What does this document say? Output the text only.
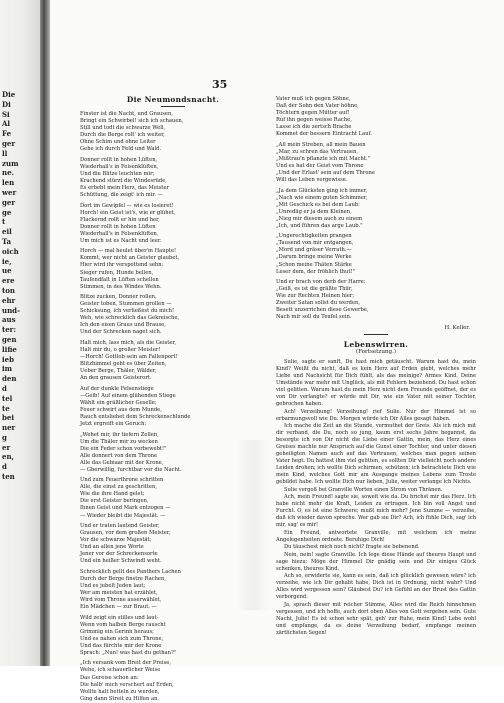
Die
Di
Si
Al
Fe
ger
ll
zum
ne.
len
wer
ger
ge
t
eil
Ta
oich
ie,
ue
ere
ton
ehr
und-
aus
ter:
gen
lifie
ieb
im
den
d
tel
te
bei
ner
g
er
en,
d
ten
35
Die Neumondsnacht.
Finster ist die Nacht, und Grausen,
Bringt ein Schwirbel! sich ich schauen,
Still und todt die schwarze Well,
Durch die Berge rolt' ich weiter,
Ohne Schim und ohne Leiter
Gehe ich durch Feld und Wald.
Donner rollt in hohen Lüften,
Wiederhall's in Felsenklüften,
Und die Blitze leuchten mir;
Krachend stürzt die Windesrüde,
Es erbebt mein Herz, das Meister
Schüttung, die zeigt' ich mir. —
Dort im Gewipfel — wie es losieret!
Horch! ein Geist ist's, wie er glühet,
Flackernd rollt er hin und her,
Donner rollt in hohen Lüften
Wiederhall's in Felsenklüften,
Um mich ist es Nacht und leer.
Horch — mal heulet über'm Haupte!
Kommt, wer nicht an Geister glaubet,
Hier wird ihr verspottend sehn:
Sieger rufen, Hunde bellen,
Taufendfalt in Lüften schellen
Stimmen, in des Windes Wehn.
Blitze zucken, Donner rollen,
Geister toben, Stummen grollen —
Schicksung, ich verließest du mich!
Weh, wie schrecklich das Gekreische,
Ich den eisen Graus und Brause,
Und der Schrecken naget sich.
Halt mich, lass mich, als die Geister,
Halt mir du, o großer Meister!
—Horch! Gottlob sein am Fallenport!
Blitzhimmel geht es über Zeiten,
Ueber Berge, Thäler, Wälder,
An den grausen Geisterort.
Auf der dunkle Felsenstiege
—Gelb! Auf einem glühenden Stiege
Wählt ein gräßlicher Geselle;
Feuer schwirt aus dem Munde,
Rauch entsliehet dem Schreckenschlunde
Jetzt ergreift ein Geruch:
„Wehet mir, ihr tiefern Zellen,
Um die Thäler mir zu wecken
Die ein Feder schon vorbewebt!"
Alle donnert von dem Throne
Alle das Gebiaar mit der Krone,
— Gberwillig, furchtbar vor die Nacht.
Und zum Feuerthrone schritten
Alle, die einst zu geschritten,
Wie die ihre Hand gelet;
Die erst Geister beringen,
Ihnen Geist und Mark entzogen —
— Wieder bleibt die Majestät. —
Und er traten lautend Geister,
Grausen, vor dem großen Meister,
Vor die schwarze Majestät;
Und an allen jene Worte
Jener vor der Schreckensorte
Und ein heißer Schwindl weht.
Schrecklich gellt des Panthers Lachen
Durch der Berge finstre Rachen,
Und es jubelt Jeden laut;
Wer am meisten hat erzählet,
Wird vom Throne auserwählet,
Ein Mädchen — zur Braut. —
Wild zeigt ein stilles und laut-
Wenn vom halben Berge rauscht
Grimmig ein Gerinn heraus;
Und es nahen sich zum Throne,
Und das fürchte mir der Krone
Sprach: „Nun! was hast du gethan?"
„Ich versank vom Breit der Preise,
Wehe, ich schauerlicher Weise
Das Gereise schon an:
Die halb' mich verschert auf Erden,
Wollte halt betteln zu werden,
Ging dann Streit zu Hilfen an.
Vater muß ich gegen Söhne,
Daß der Sohn den Vater höhne,
Töchtern gegen Mütter auf!
Ruf ihn gegen weisse Rache,
Lasse ich die zertsch Brache
Kommet der bessern Eintracht Lauf.
„All mein Streben, all mein Bauen
„Mar, zu schren das Vertrauen,
„Mißtrau'n pflanzte ich mit Macht."
Und es hat der Geist vom Throne
„Und der Erlast' sein auf dem Throne
Will das Leben vergewisse.
„Ja dem Glücksten ging ich immer,
„Nach wie einem guten Schimmer,
„Mit Geschick es bei dem Laub:
„Unredlig er ja dem Kleinen,
„Nieg mir diesem auch zu einem
„Ich, und führen das arge Laub."
„Ungerechtigkeiten prangen
„Tausend von mir entgangen,
„Mord und gräser Verrath.—
„Darum bringe meine Werke
„Schon meine Thäten Stärke
Leser dem, der fröhlich thut!"
Und er brach von derb der Harre:
„Geiß, es ist die gräßte Thür,
Wie zur Rechten Heinen hier;
Zweiter Satan sollst du werden,
Besett unzerrichen diese Gewerbe,
Nach mir soll du Teufel sein.
H. Keller.
Lebenswirren.
(Fortsetzung.)

Sulie, sagte er sanft, Du hast mich getäuscht. Warum hast du, mein Kind? Weißt du nicht, daß es kein Herz auf Erden giebt, welches mehr Liebe und Nachsicht für Dich fühlt, als das meinige? Armes Kind, Deine Umstände war mehr mit Unglück, als mit Fehlern beziehend. Du hast schon viel gelitten. Warum hast du mein Herz nicht dem Freunde geöffnet, der es von Dir verlangte? er würde mit Dir, wie ein Vater mit seiner Tochter, gebrochen haben.

Ach! Verzeihung! Verzeihung! rief Sulie. Nur der Himmel ist so erbarmungsvoll wie Du. Morgen würde ich Dir Alles gesagt haben.

Ich mache die Zeit an die Stunde, vermuthet der Greis. Als ich mich mit dir verband, die Du, noch so jung, kaum erst sechs Jahre begannst, da besorgte ich von Dir nicht die Liebe einer Gattin, mein, das Herz eines Greises machte nur Anspruch auf die Gunst einer Tochter, und unter diesen geheiligten Namen auch auf das Vertrauen, welches man gegen seinen Vater hegt. Du hattest ihm viel gelitten, es sollten Dir vielleicht noch andere Leiden drohen; ich wollte Dich schirmen, schützen; ich betrachtete Dich wie mein Kind, welches Gott mir am Ausgange meines Lebens zum Troste gebildet habe. Ich wollte Dich nur lieben, Julie, weiter verlange ich Nichts.

Sulie vergoß bei Granville Worten einen Strom von Thränen.

Ach, mein Freund! sagte sie, soweit wie da. Du brichst mir das Herz. Ich habe nicht mehr die Kraft, Leiden zu ertragen. Ich bin voll Angst und Furcht. O, es ist eine Schwere; mußt mich mehr? Jene Summe — verzeihe, daß ich wieder davon spreche. Wer gab sie Dir? Ach, ich fühle Dich, sag' ich mir, sag' es mir!

Ein Freund, antwortete Granville, mit welchem ich meine Angelegenheiten ordnete. Beruhige Dich!

Du täuschest mich noch nicht? fragte sie bebenend.

Nein, nein! sagte Granville. Ich lege diese Hände auf theures Haupt und sage hiezu: Möge der Himmel Dir gnädig sein und Dir einiges Glück schenken, theures Kind.

Ach so, erwiderte sie, kann es sein, daß ich glücklich gewesen wäre? ich verzeihe, wie ich Dir gehabt habe, Dich ist in Ordnung, nicht wahr? Und Alles wird vergessen sein? Gläubest Du? ich Gefühl an der Brust des Gattin verborgend.

Ja, sprach dieser mit reicher Stimme, Alles wird die Reich hinnehmen vergessen, und ich hoffe, auch dort oben Alles von Gott vergeben sein. Gute Nacht, Julie! Es ist schon sehr spät, geh' zur Ruhe, mein Kind! Lebe wohl und empfange, da es deine Verzeihung bedarf, empfange meinen zärtlichsten Segen!
